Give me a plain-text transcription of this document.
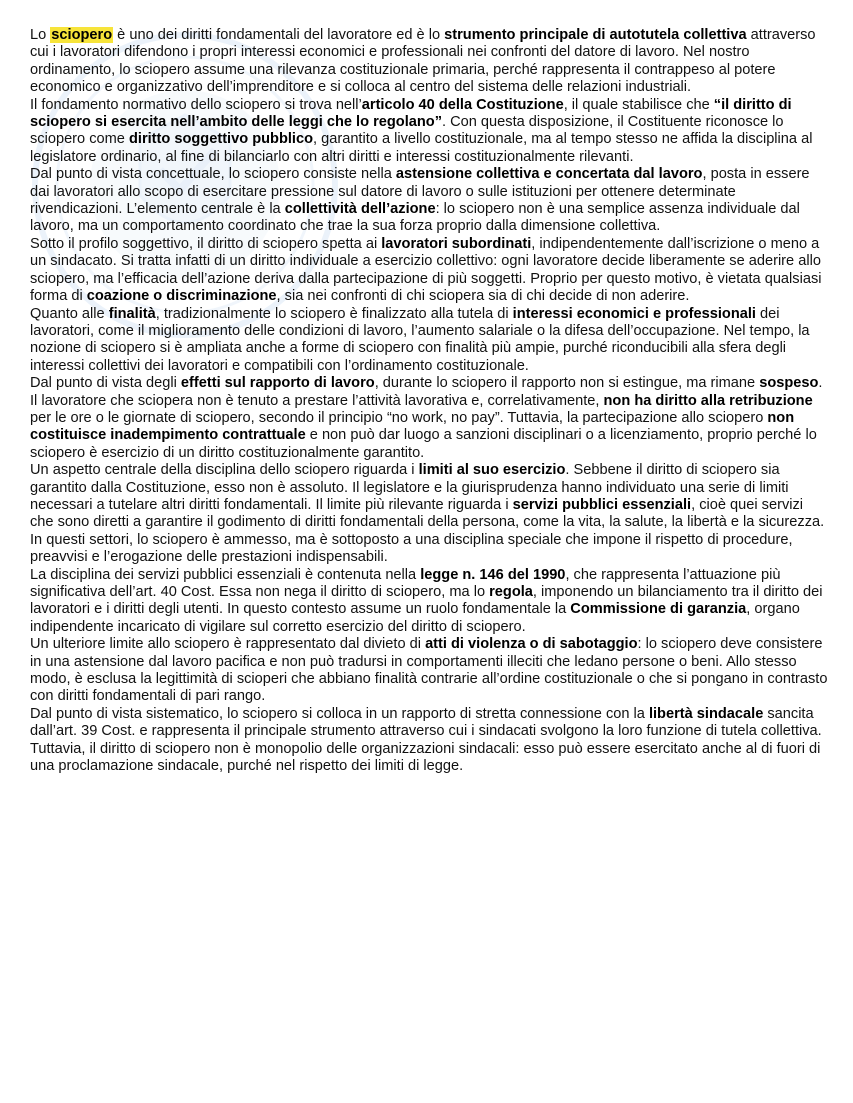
Lo sciopero è uno dei diritti fondamentali del lavoratore ed è lo strumento principale di autotutela collettiva attraverso cui i lavoratori difendono i propri interessi economici e professionali nei confronti del datore di lavoro. Nel nostro ordinamento, lo sciopero assume una rilevanza costituzionale primaria, perché rappresenta il contrappeso al potere economico e organizzativo dell’imprenditore e si colloca al centro del sistema delle relazioni industriali.

Il fondamento normativo dello sciopero si trova nell’articolo 40 della Costituzione, il quale stabilisce che “il diritto di sciopero si esercita nell’ambito delle leggi che lo regolano”. Con questa disposizione, il Costituente riconosce lo sciopero come diritto soggettivo pubblico, garantito a livello costituzionale, ma al tempo stesso ne affida la disciplina al legislatore ordinario, al fine di bilanciarlo con altri diritti e interessi costituzionalmente rilevanti.

Dal punto di vista concettuale, lo sciopero consiste nella astensione collettiva e concertata dal lavoro, posta in essere dai lavoratori allo scopo di esercitare pressione sul datore di lavoro o sulle istituzioni per ottenere determinate rivendicazioni. L’elemento centrale è la collettività dell’azione: lo sciopero non è una semplice assenza individuale dal lavoro, ma un comportamento coordinato che trae la sua forza proprio dalla dimensione collettiva.

Sotto il profilo soggettivo, il diritto di sciopero spetta ai lavoratori subordinati, indipendentemente dall’iscrizione o meno a un sindacato. Si tratta infatti di un diritto individuale a esercizio collettivo: ogni lavoratore decide liberamente se aderire allo sciopero, ma l’efficacia dell’azione deriva dalla partecipazione di più soggetti. Proprio per questo motivo, è vietata qualsiasi forma di coazione o discriminazione, sia nei confronti di chi sciopera sia di chi decide di non aderire.

Quanto alle finalità, tradizionalmente lo sciopero è finalizzato alla tutela di interessi economici e professionali dei lavoratori, come il miglioramento delle condizioni di lavoro, l’aumento salariale o la difesa dell’occupazione. Nel tempo, la nozione di sciopero si è ampliata anche a forme di sciopero con finalità più ampie, purché riconducibili alla sfera degli interessi collettivi dei lavoratori e compatibili con l’ordinamento costituzionale.

Dal punto di vista degli effetti sul rapporto di lavoro, durante lo sciopero il rapporto non si estingue, ma rimane sospeso. Il lavoratore che sciopera non è tenuto a prestare l’attività lavorativa e, correlativamente, non ha diritto alla retribuzione per le ore o le giornate di sciopero, secondo il principio “no work, no pay”. Tuttavia, la partecipazione allo sciopero non costituisce inadempimento contrattuale e non può dar luogo a sanzioni disciplinari o a licenziamento, proprio perché lo sciopero è esercizio di un diritto costituzionalmente garantito.

Un aspetto centrale della disciplina dello sciopero riguarda i limiti al suo esercizio. Sebbene il diritto di sciopero sia garantito dalla Costituzione, esso non è assoluto. Il legislatore e la giurisprudenza hanno individuato una serie di limiti necessari a tutelare altri diritti fondamentali. Il limite più rilevante riguarda i servizi pubblici essenziali, cioè quei servizi che sono diretti a garantire il godimento di diritti fondamentali della persona, come la vita, la salute, la libertà e la sicurezza. In questi settori, lo sciopero è ammesso, ma è sottoposto a una disciplina speciale che impone il rispetto di procedure, preavvisi e l’erogazione delle prestazioni indispensabili.

La disciplina dei servizi pubblici essenziali è contenuta nella legge n. 146 del 1990, che rappresenta l’attuazione più significativa dell’art. 40 Cost. Essa non nega il diritto di sciopero, ma lo regola, imponendo un bilanciamento tra il diritto dei lavoratori e i diritti degli utenti. In questo contesto assume un ruolo fondamentale la Commissione di garanzia, organo indipendente incaricato di vigilare sul corretto esercizio del diritto di sciopero.

Un ulteriore limite allo sciopero è rappresentato dal divieto di atti di violenza o di sabotaggio: lo sciopero deve consistere in una astensione dal lavoro pacifica e non può tradursi in comportamenti illeciti che ledano persone o beni. Allo stesso modo, è esclusa la legittimità di scioperi che abbiano finalità contrarie all’ordine costituzionale o che si pongano in contrasto con diritti fondamentali di pari rango.

Dal punto di vista sistematico, lo sciopero si colloca in un rapporto di stretta connessione con la libertà sindacale sancita dall’art. 39 Cost. e rappresenta il principale strumento attraverso cui i sindacati svolgono la loro funzione di tutela collettiva. Tuttavia, il diritto di sciopero non è monopolio delle organizzazioni sindacali: esso può essere esercitato anche al di fuori di una proclamazione sindacale, purché nel rispetto dei limiti di legge.
